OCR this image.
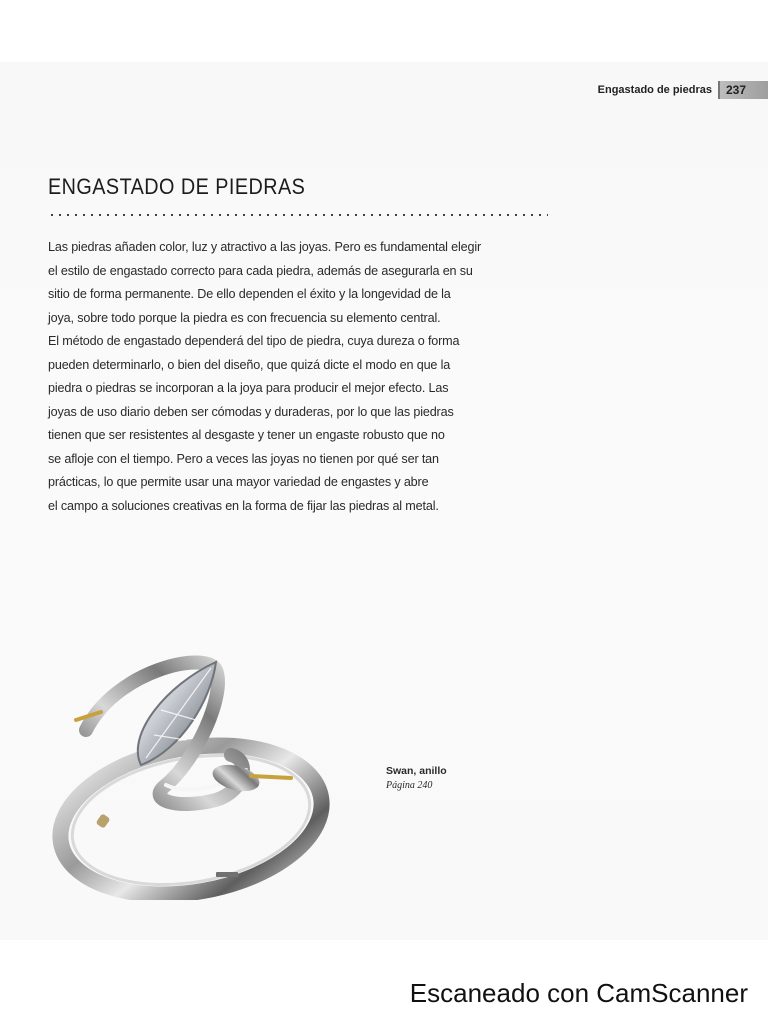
Engastado de piedras	237
ENGASTADO DE PIEDRAS
Las piedras añaden color, luz y atractivo a las joyas. Pero es fundamental elegir
el estilo de engastado correcto para cada piedra, además de asegurarla en su
sitio de forma permanente. De ello dependen el éxito y la longevidad de la
joya, sobre todo porque la piedra es con frecuencia su elemento central.
El método de engastado dependerá del tipo de piedra, cuya dureza o forma
pueden determinarlo, o bien del diseño, que quizá dicte el modo en que la
piedra o piedras se incorporan a la joya para producir el mejor efecto. Las
joyas de uso diario deben ser cómodas y duraderas, por lo que las piedras
tienen que ser resistentes al desgaste y tener un engaste robusto que no
se afloje con el tiempo. Pero a veces las joyas no tienen por qué ser tan
prácticas, lo que permite usar una mayor variedad de engastes y abre
el campo a soluciones creativas en la forma de fijar las piedras al metal.
Swan, anillo
Página 240
Escaneado con CamScanner
